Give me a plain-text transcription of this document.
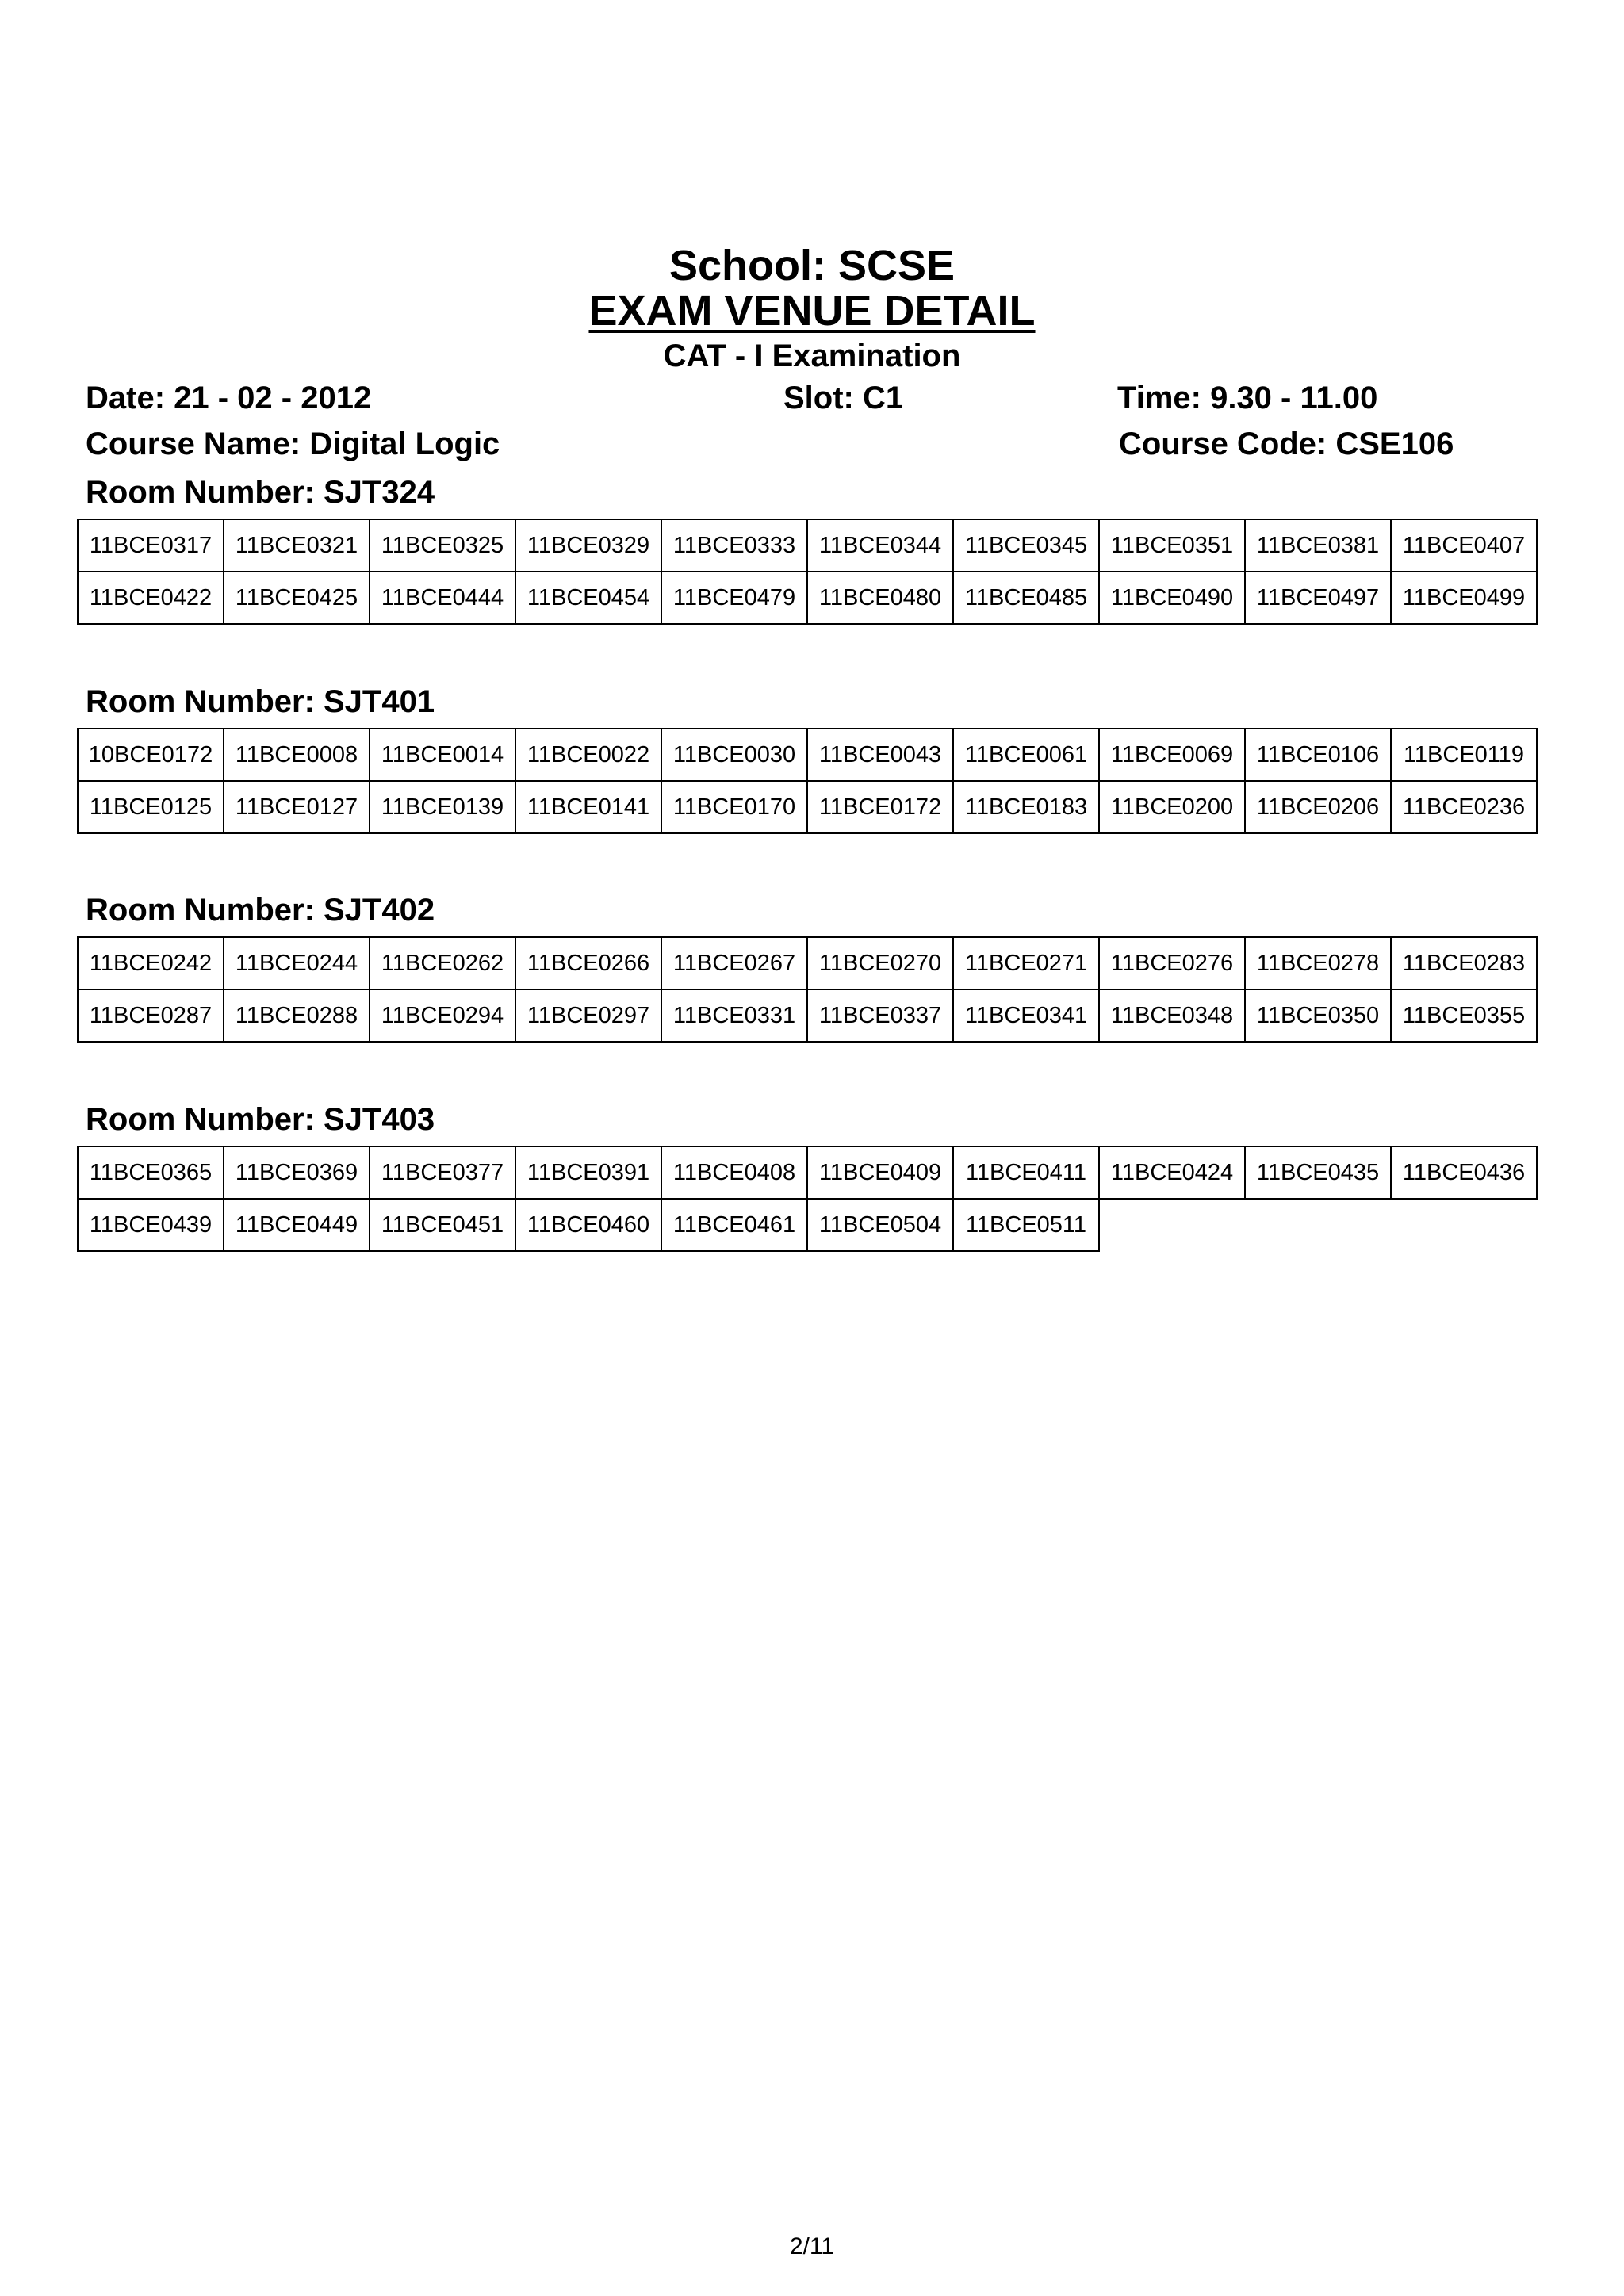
School: SCSE
EXAM VENUE DETAIL
CAT - I Examination
Date: 21 - 02 - 2012	Slot: C1	Time: 9.30 - 11.00
Course Name: Digital Logic	Course Code: CSE106
Room Number: SJT324
11BCE0317	11BCE0321	11BCE0325	11BCE0329	11BCE0333	11BCE0344	11BCE0345	11BCE0351	11BCE0381	11BCE0407
11BCE0422	11BCE0425	11BCE0444	11BCE0454	11BCE0479	11BCE0480	11BCE0485	11BCE0490	11BCE0497	11BCE0499
Room Number: SJT401
10BCE0172	11BCE0008	11BCE0014	11BCE0022	11BCE0030	11BCE0043	11BCE0061	11BCE0069	11BCE0106	11BCE0119
11BCE0125	11BCE0127	11BCE0139	11BCE0141	11BCE0170	11BCE0172	11BCE0183	11BCE0200	11BCE0206	11BCE0236
Room Number: SJT402
11BCE0242	11BCE0244	11BCE0262	11BCE0266	11BCE0267	11BCE0270	11BCE0271	11BCE0276	11BCE0278	11BCE0283
11BCE0287	11BCE0288	11BCE0294	11BCE0297	11BCE0331	11BCE0337	11BCE0341	11BCE0348	11BCE0350	11BCE0355
Room Number: SJT403
11BCE0365	11BCE0369	11BCE0377	11BCE0391	11BCE0408	11BCE0409	11BCE0411	11BCE0424	11BCE0435	11BCE0436
11BCE0439	11BCE0449	11BCE0451	11BCE0460	11BCE0461	11BCE0504	11BCE0511			
2/11
